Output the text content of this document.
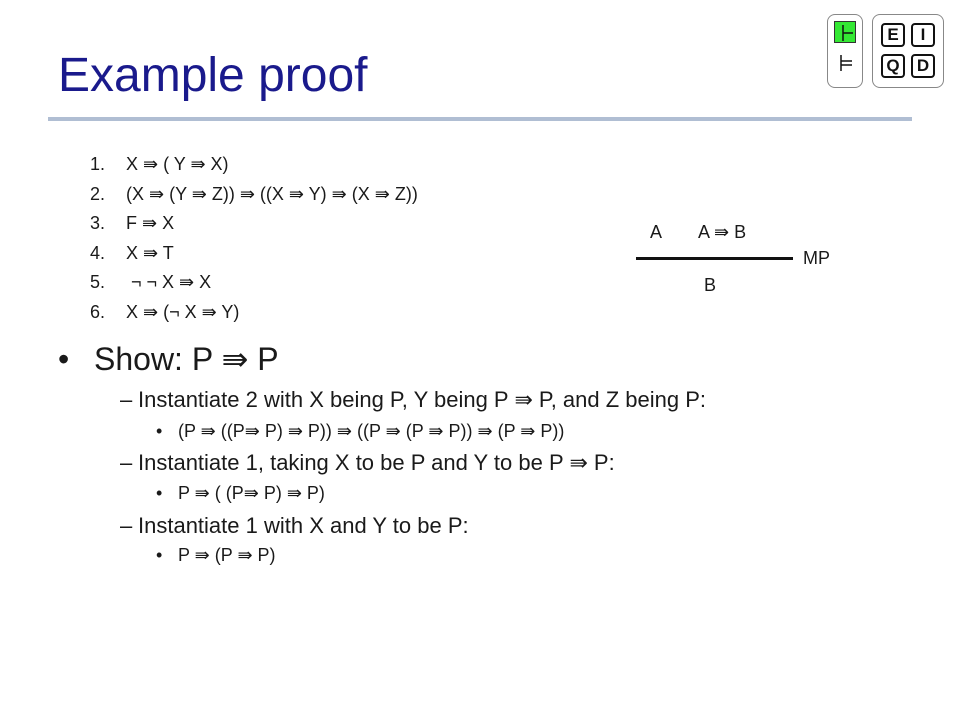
Example proof
E	I
Q	D
1. X ⇛ ( Y ⇛ X)
2. (X ⇛ (Y ⇛ Z)) ⇛ ((X ⇛ Y) ⇛ (X ⇛ Z))
3. F ⇛ X
4. X ⇛ T
5. ¬ ¬ X ⇛ X
6. X ⇛ (¬ X ⇛ Y)
A A ⇛ B
MP
B
• Show: P ⇛ P
– Instantiate 2 with X being P, Y being P ⇛ P, and Z being P:
• (P ⇛ ((P⇛ P) ⇛ P)) ⇛ ((P ⇛ (P ⇛ P)) ⇛ (P ⇛ P))
– Instantiate 1, taking X to be P and Y to be P ⇛ P:
• P ⇛ ( (P⇛ P) ⇛ P)
– Instantiate 1 with X and Y to be P:
• P ⇛ (P ⇛ P)
